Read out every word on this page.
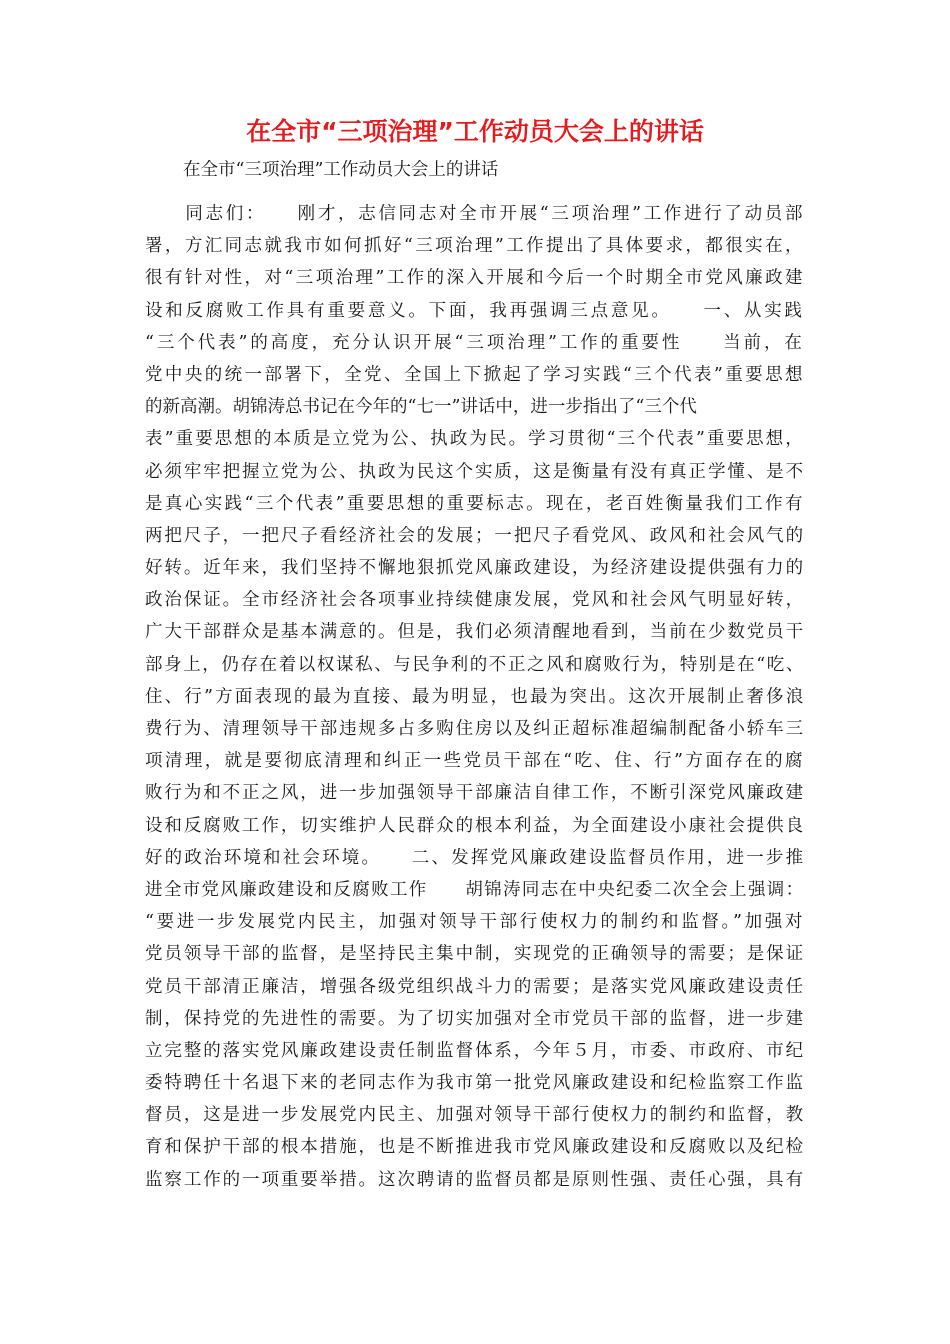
在全市“三项治理”工作动员大会上的讲话

在全市“三项治理”工作动员大会上的讲话

　　同志们：　　刚才，志信同志对全市开展“三项治理”工作进行了动员部
署，方汇同志就我市如何抓好“三项治理”工作提出了具体要求，都很实在，
很有针对性，对“三项治理”工作的深入开展和今后一个时期全市党风廉政建
设和反腐败工作具有重要意义。下面，我再强调三点意见。　　一、从实践
“三个代表”的高度，充分认识开展“三项治理”工作的重要性　　当前，在
党中央的统一部署下，全党、全国上下掀起了学习实践“三个代表”重要思想
的新高潮。胡锦涛总书记在今年的“七一”讲话中，进一步指出了“三个代
表”重要思想的本质是立党为公、执政为民。学习贯彻“三个代表”重要思想，
必须牢牢把握立党为公、执政为民这个实质，这是衡量有没有真正学懂、是不
是真心实践“三个代表”重要思想的重要标志。现在，老百姓衡量我们工作有
两把尺子，一把尺子看经济社会的发展；一把尺子看党风、政风和社会风气的
好转。近年来，我们坚持不懈地狠抓党风廉政建设，为经济建设提供强有力的
政治保证。全市经济社会各项事业持续健康发展，党风和社会风气明显好转，
广大干部群众是基本满意的。但是，我们必须清醒地看到，当前在少数党员干
部身上，仍存在着以权谋私、与民争利的不正之风和腐败行为，特别是在“吃、
住、行”方面表现的最为直接、最为明显，也最为突出。这次开展制止奢侈浪
费行为、清理领导干部违规多占多购住房以及纠正超标准超编制配备小轿车三
项清理，就是要彻底清理和纠正一些党员干部在“吃、住、行”方面存在的腐
败行为和不正之风，进一步加强领导干部廉洁自律工作，不断引深党风廉政建
设和反腐败工作，切实维护人民群众的根本利益，为全面建设小康社会提供良
好的政治环境和社会环境。　　二、发挥党风廉政建设监督员作用，进一步推
进全市党风廉政建设和反腐败工作　　胡锦涛同志在中央纪委二次全会上强调：
“要进一步发展党内民主，加强对领导干部行使权力的制约和监督。”加强对
党员领导干部的监督，是坚持民主集中制，实现党的正确领导的需要；是保证
党员干部清正廉洁，增强各级党组织战斗力的需要；是落实党风廉政建设责任
制，保持党的先进性的需要。为了切实加强对全市党员干部的监督，进一步建
立完整的落实党风廉政建设责任制监督体系，今年５月，市委、市政府、市纪
委特聘任十名退下来的老同志作为我市第一批党风廉政建设和纪检监察工作监
督员，这是进一步发展党内民主、加强对领导干部行使权力的制约和监督，教
育和保护干部的根本措施，也是不断推进我市党风廉政建设和反腐败以及纪检
监察工作的一项重要举措。这次聘请的监督员都是原则性强、责任心强，具有
